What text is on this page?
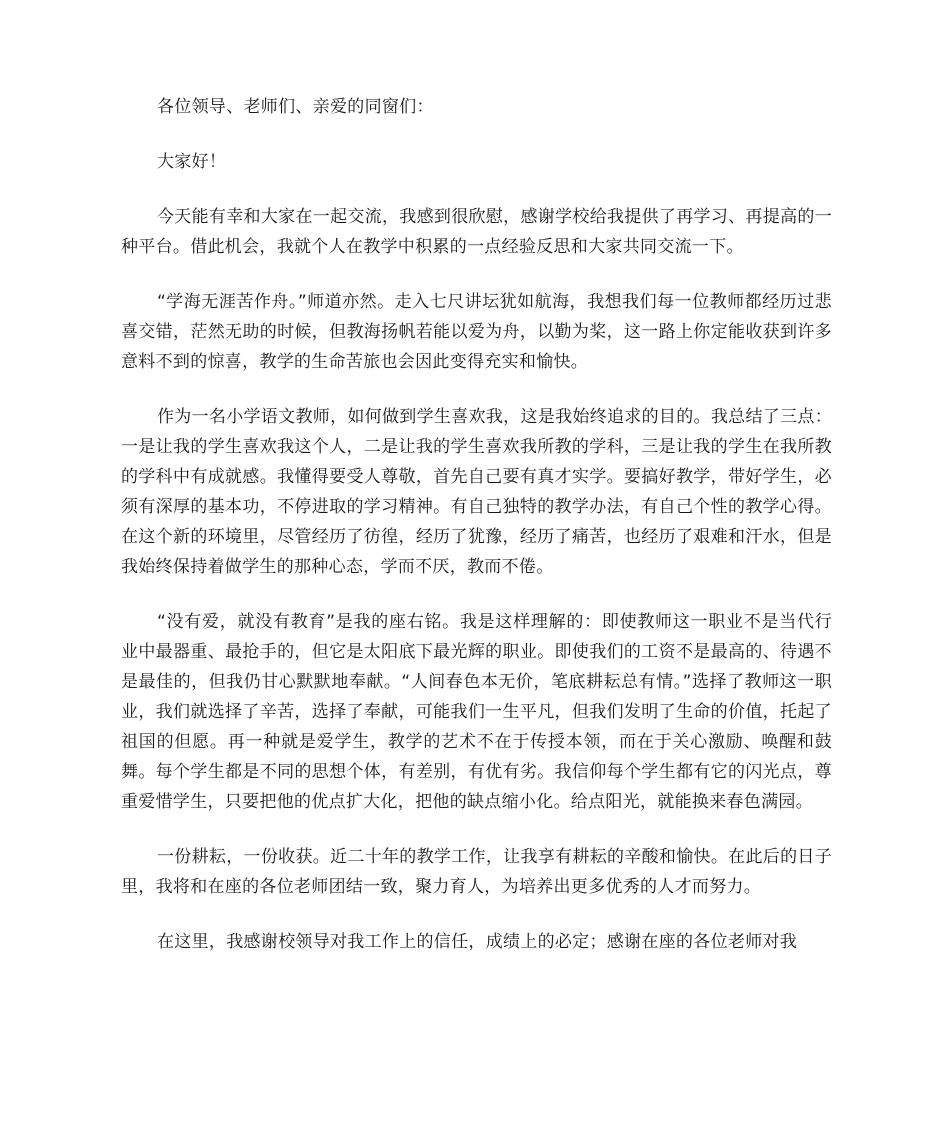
各位领导、老师们、亲爱的同窗们：

大家好！

今天能有幸和大家在一起交流，我感到很欣慰，感谢学校给我提供了再学习、再提高的一种平台。借此机会，我就个人在教学中积累的一点经验反思和大家共同交流一下。

“学海无涯苦作舟。”师道亦然。走入七尺讲坛犹如航海，我想我们每一位教师都经历过悲喜交错，茫然无助的时候，但教海扬帆若能以爱为舟，以勤为桨，这一路上你定能收获到许多意料不到的惊喜，教学的生命苦旅也会因此变得充实和愉快。

作为一名小学语文教师，如何做到学生喜欢我，这是我始终追求的目的。我总结了三点：一是让我的学生喜欢我这个人，二是让我的学生喜欢我所教的学科，三是让我的学生在我所教的学科中有成就感。我懂得要受人尊敬，首先自己要有真才实学。要搞好教学，带好学生，必须有深厚的基本功，不停进取的学习精神。有自己独特的教学办法，有自己个性的教学心得。在这个新的环境里，尽管经历了彷徨，经历了犹豫，经历了痛苦，也经历了艰难和汗水，但是我始终保持着做学生的那种心态，学而不厌，教而不倦。

“没有爱，就没有教育”是我的座右铭。我是这样理解的：即使教师这一职业不是当代行业中最器重、最抢手的，但它是太阳底下最光辉的职业。即使我们的工资不是最高的、待遇不是最佳的，但我仍甘心默默地奉献。“人间春色本无价，笔底耕耘总有情。”选择了教师这一职业，我们就选择了辛苦，选择了奉献，可能我们一生平凡，但我们发明了生命的价值，托起了祖国的但愿。再一种就是爱学生，教学的艺术不在于传授本领，而在于关心激励、唤醒和鼓舞。每个学生都是不同的思想个体，有差别，有优有劣。我信仰每个学生都有它的闪光点，尊重爱惜学生，只要把他的优点扩大化，把他的缺点缩小化。给点阳光，就能换来春色满园。

一份耕耘，一份收获。近二十年的教学工作，让我享有耕耘的辛酸和愉快。在此后的日子里，我将和在座的各位老师团结一致，聚力育人，为培养出更多优秀的人才而努力。

在这里，我感谢校领导对我工作上的信任，成绩上的必定；感谢在座的各位老师对我
